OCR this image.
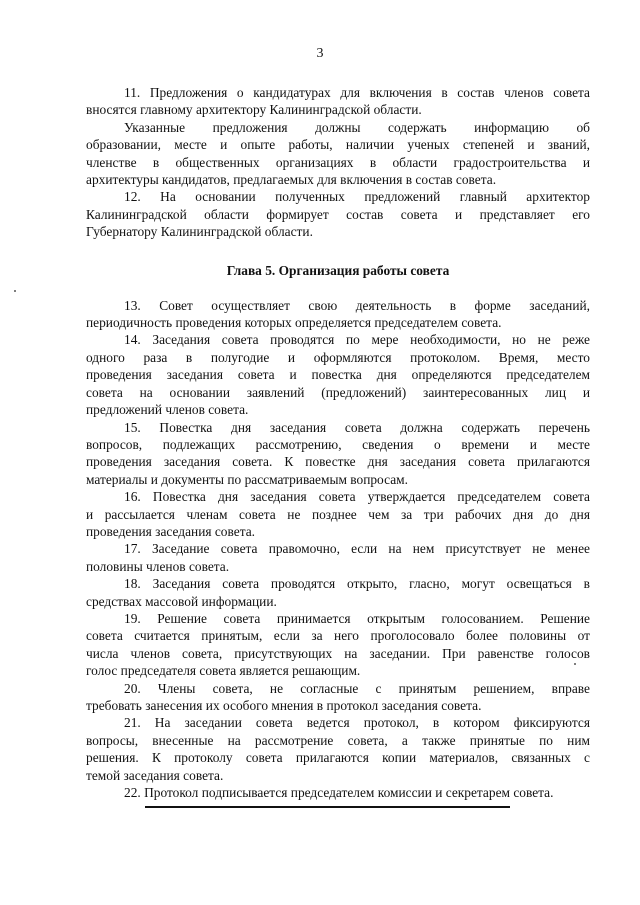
3
11. Предложения о кандидатурах для включения в состав членов совета
вносятся главному архитектору Калининградской области.
Указанные предложения должны содержать информацию об
образовании, месте и опыте работы, наличии ученых степеней и званий,
членстве в общественных организациях в области градостроительства и
архитектуры кандидатов, предлагаемых для включения в состав совета.
12. На основании полученных предложений главный архитектор
Калининградской области формирует состав совета и представляет его
Губернатору Калининградской области.
Глава 5. Организация работы совета
13. Совет осуществляет свою деятельность в форме заседаний,
периодичность проведения которых определяется председателем совета.
14. Заседания совета проводятся по мере необходимости, но не реже
одного раза в полугодие и оформляются протоколом. Время, место
проведения заседания совета и повестка дня определяются председателем
совета на основании заявлений (предложений) заинтересованных лиц и
предложений членов совета.
15. Повестка дня заседания совета должна содержать перечень
вопросов, подлежащих рассмотрению, сведения о времени и месте
проведения заседания совета. К повестке дня заседания совета прилагаются
материалы и документы по рассматриваемым вопросам.
16. Повестка дня заседания совета утверждается председателем совета
и рассылается членам совета не позднее чем за три рабочих дня до дня
проведения заседания совета.
17. Заседание совета правомочно, если на нем присутствует не менее
половины членов совета.
18. Заседания совета проводятся открыто, гласно, могут освещаться в
средствах массовой информации.
19. Решение совета принимается открытым голосованием. Решение
совета считается принятым, если за него проголосовало более половины от
числа членов совета, присутствующих на заседании. При равенстве голосов
голос председателя совета является решающим.
20. Члены совета, не согласные с принятым решением, вправе
требовать занесения их особого мнения в протокол заседания совета.
21. На заседании совета ведется протокол, в котором фиксируются
вопросы, внесенные на рассмотрение совета, а также принятые по ним
решения. К протоколу совета прилагаются копии материалов, связанных с
темой заседания совета.
22. Протокол подписывается председателем комиссии и секретарем совета.
